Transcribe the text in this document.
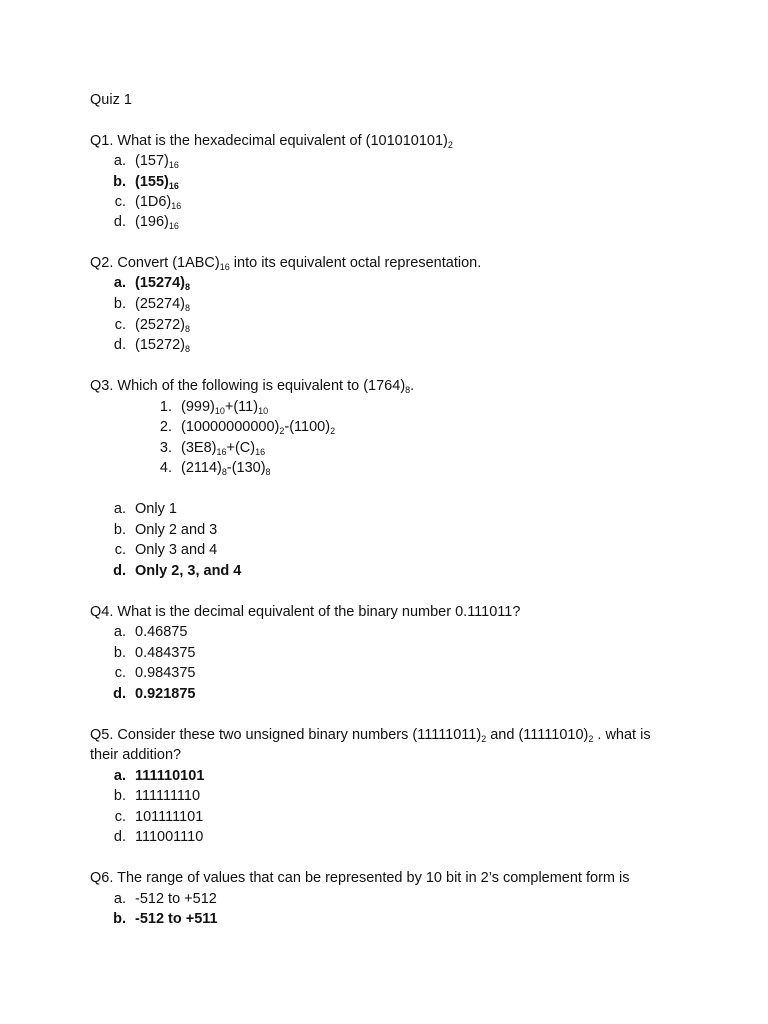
Quiz 1
Q1. What is the hexadecimal equivalent of $(101010101)_2$
a. $(157)_{16}$
b. $(155)_{16}$
c. $(1D6)_{16}$
d. $(196)_{16}$
Q2. Convert $(1ABC)_{16}$ into its equivalent octal representation.
a. $(15274)_8$
b. $(25274)_8$
c. $(25272)_8$
d. $(15272)_8$
Q3. Which of the following is equivalent to $(1764)_8$.
1. $(999)_{10}+(11)_{10}$
2. $(10000000000)_2-(1100)_2$
3. $(3E8)_{16}+(C)_{16}$
4. $(2114)_8-(130)_8$
a. Only 1
b. Only 2 and 3
c. Only 3 and 4
d. Only 2, 3, and 4
Q4. What is the decimal equivalent of the binary number 0.111011?
a. 0.46875
b. 0.484375
c. 0.984375
d. 0.921875
Q5. Consider these two unsigned binary numbers $(11111011)_2$ and $(11111010)_2$ . what is
their addition?
a. 111110101
b. 111111110
c. 101111101
d. 111001110
Q6. The range of values that can be represented by 10 bit in 2’s complement form is
a. -512 to +512
b. -512 to +511
